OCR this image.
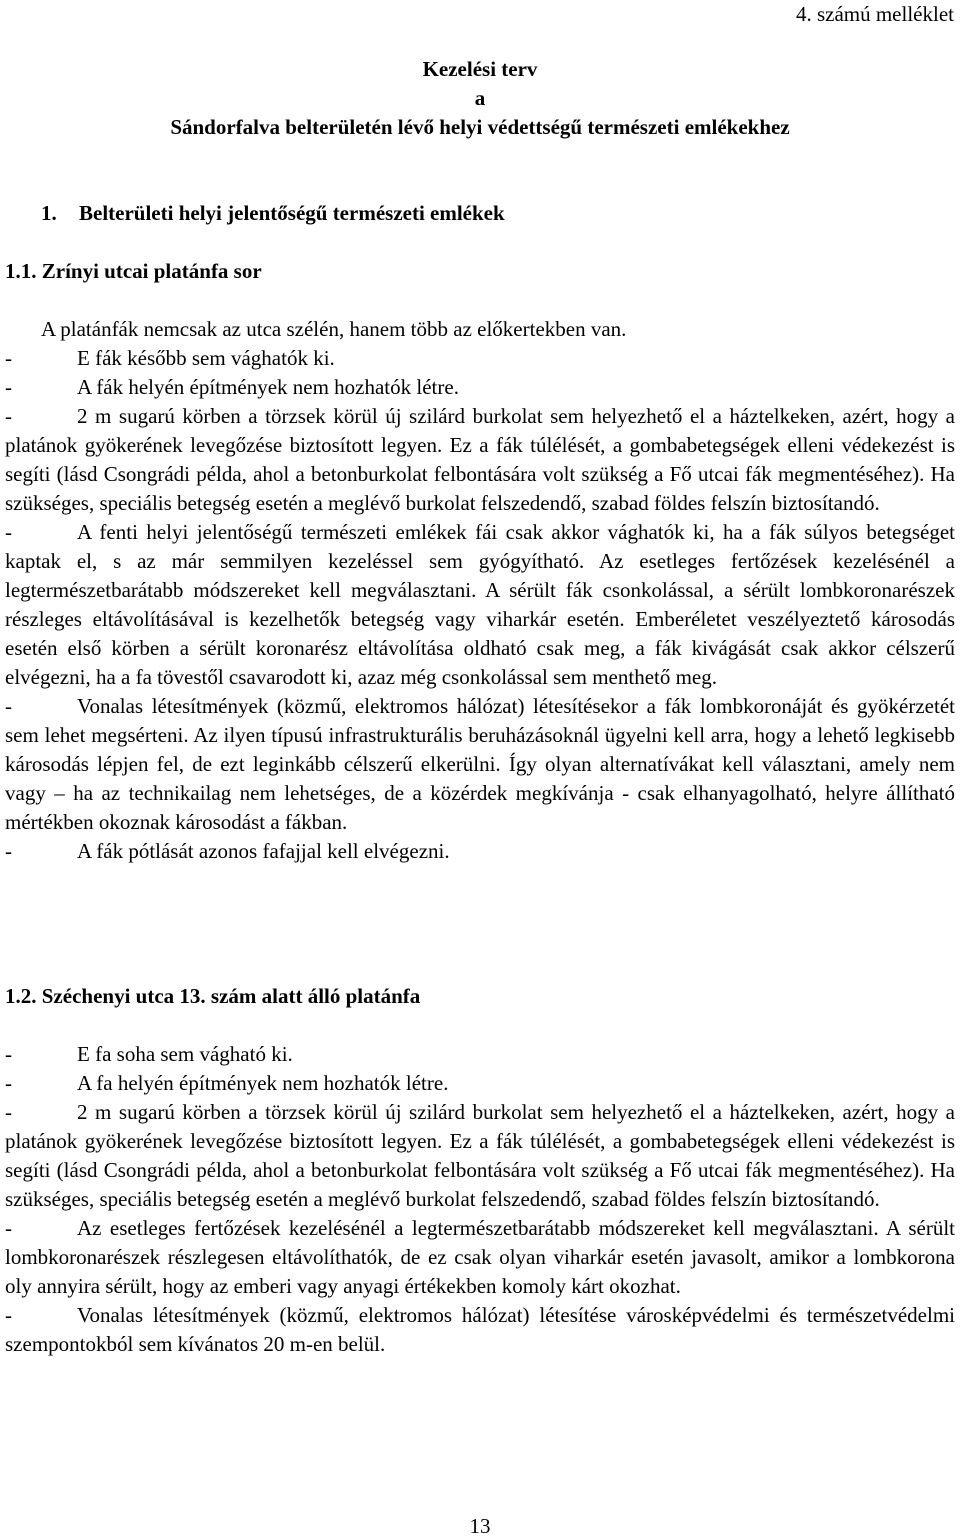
4. számú melléklet
Kezelési terv
a
Sándorfalva belterületén lévő helyi védettségű természeti emlékekhez
1. Belterületi helyi jelentőségű természeti emlékek
1.1. Zrínyi utcai platánfa sor

A platánfák nemcsak az utca szélén, hanem több az előkertekben van.

-	E fák később sem vághatók ki.

-	A fák helyén építmények nem hozhatók létre.

-	2 m sugarú körben a törzsek körül új szilárd burkolat sem helyezhető el a háztelkeken, azért, hogy a platánok gyökerének levegőzése biztosított legyen. Ez a fák túlélését, a gombabetegségek elleni védekezést is segíti (lásd Csongrádi példa, ahol a betonburkolat felbontására volt szükség a Fő utcai fák megmentéséhez). Ha szükséges, speciális betegség esetén a meglévő burkolat felszedendő, szabad földes felszín biztosítandó.

-	A fenti helyi jelentőségű természeti emlékek fái csak akkor vághatók ki, ha a fák súlyos betegséget kaptak el, s az már semmilyen kezeléssel sem gyógyítható. Az esetleges fertőzések kezelésénél a legtermészetbarátabb módszereket kell megválasztani. A sérült fák csonkolással, a sérült lombkoronarészek részleges eltávolításával is kezelhetők betegség vagy viharkár esetén. Emberéletet veszélyeztető károsodás esetén első körben a sérült koronarész eltávolítása oldható csak meg, a fák kivágását csak akkor célszerű elvégezni, ha a fa tövestől csavarodott ki, azaz még csonkolással sem menthető meg.

-	Vonalas létesítmények (közmű, elektromos hálózat) létesítésekor a fák lombkoronáját és gyökérzetét sem lehet megsérteni. Az ilyen típusú infrastrukturális beruházásoknál ügyelni kell arra, hogy a lehető legkisebb károsodás lépjen fel, de ezt leginkább célszerű elkerülni. Így olyan alternatívákat kell választani, amely nem vagy – ha az technikailag nem lehetséges, de a közérdek megkívánja - csak elhanyagolható, helyre állítható mértékben okoznak károsodást a fákban.

-	A fák pótlását azonos fafajjal kell elvégezni.

1.2. Széchenyi utca 13. szám alatt álló platánfa

-	E fa soha sem vágható ki.

-	A fa helyén építmények nem hozhatók létre.

-	2 m sugarú körben a törzsek körül új szilárd burkolat sem helyezhető el a háztelkeken, azért, hogy a platánok gyökerének levegőzése biztosított legyen. Ez a fák túlélését, a gombabetegségek elleni védekezést is segíti (lásd Csongrádi példa, ahol a betonburkolat felbontására volt szükség a Fő utcai fák megmentéséhez). Ha szükséges, speciális betegség esetén a meglévő burkolat felszedendő, szabad földes felszín biztosítandó.

-	Az esetleges fertőzések kezelésénél a legtermészetbarátabb módszereket kell megválasztani. A sérült lombkoronarészek részlegesen eltávolíthatók, de ez csak olyan viharkár esetén javasolt, amikor a lombkorona oly annyira sérült, hogy az emberi vagy anyagi értékekben komoly kárt okozhat.

-	Vonalas létesítmények (közmű, elektromos hálózat) létesítése városképvédelmi és természetvédelmi szempontokból sem kívánatos 20 m-en belül.

13
